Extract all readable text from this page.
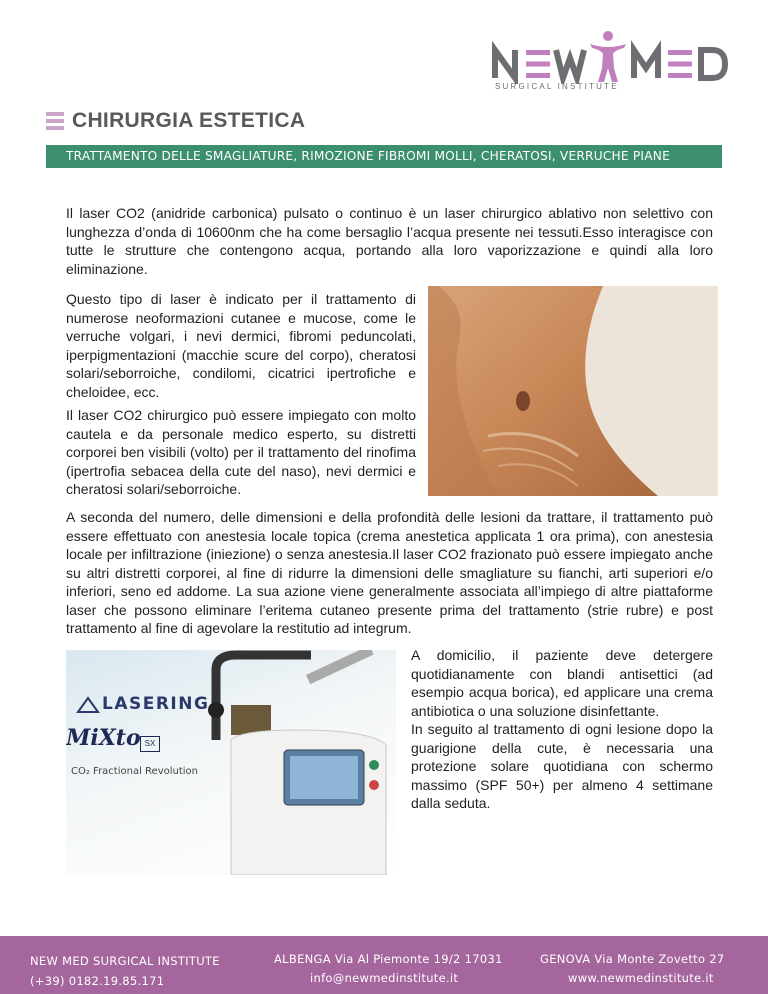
SURGICAL INSTITUTE
CHIRURGIA ESTETICA
TRATTAMENTO DELLE SMAGLIATURE, RIMOZIONE FIBROMI MOLLI, CHERATOSI, VERRUCHE PIANE

Il laser CO2 (anidride carbonica) pulsato o continuo è un laser chirurgico ablativo non selettivo con lunghezza d’onda di 10600nm che ha come bersaglio l’acqua presente nei tessuti.Esso interagisce con tutte le strutture che contengono acqua, portando alla loro vaporizzazione e quindi alla loro eliminazione.

Questo tipo di laser è indicato per il trattamento di numerose neoformazioni cutanee e mucose, come le verruche volgari, i nevi dermici, fibromi peduncolati, iperpigmentazioni (macchie scure del corpo), cheratosi solari/seborroiche, condilomi, cicatrici ipertrofiche e cheloidee, ecc.

Il laser CO2 chirurgico può essere impiegato con molto cautela e da personale medico esperto, su distretti corporei ben visibili (volto) per il trattamento del rinofima (ipertrofia sebacea della cute del naso), nevi dermici e cheratosi solari/seborroiche.

A seconda del numero, delle dimensioni e della profondità delle lesioni da trattare, il trattamento può essere effettuato con anestesia locale topica (crema anestetica applicata 1 ora prima), con anestesia locale per infiltrazione (iniezione) o senza anestesia.Il laser CO2 frazionato può essere impiegato anche su altri distretti corporei, al fine di ridurre la dimensioni delle smagliature su fianchi, arti superiori e/o inferiori, seno ed addome. La sua azione viene generalmente associata all’impiego di altre piattaforme laser che possono eliminare l’eritema cutaneo presente prima del trattamento (strie rubre) e post trattamento al fine di agevolare la restitutio ad integrum.

LASERING
MiXto SX
CO₂ Fractional Revolution

A domicilio, il paziente deve detergere quotidianamente con blandi antisettici (ad esempio acqua borica), ed applicare una crema antibiotica o una soluzione disinfettante.
In seguito al trattamento di ogni lesione dopo la guarigione della cute, è necessaria una protezione solare quotidiana con schermo massimo (SPF 50+) per almeno 4 settimane dalla seduta.

NEW MED SURGICAL INSTITUTE
(+39) 0182.19.85.171
ALBENGA Via Al Piemonte 19/2 17031
info@newmedinstitute.it
GENOVA Via Monte Zovetto 27
www.newmedinstitute.it
